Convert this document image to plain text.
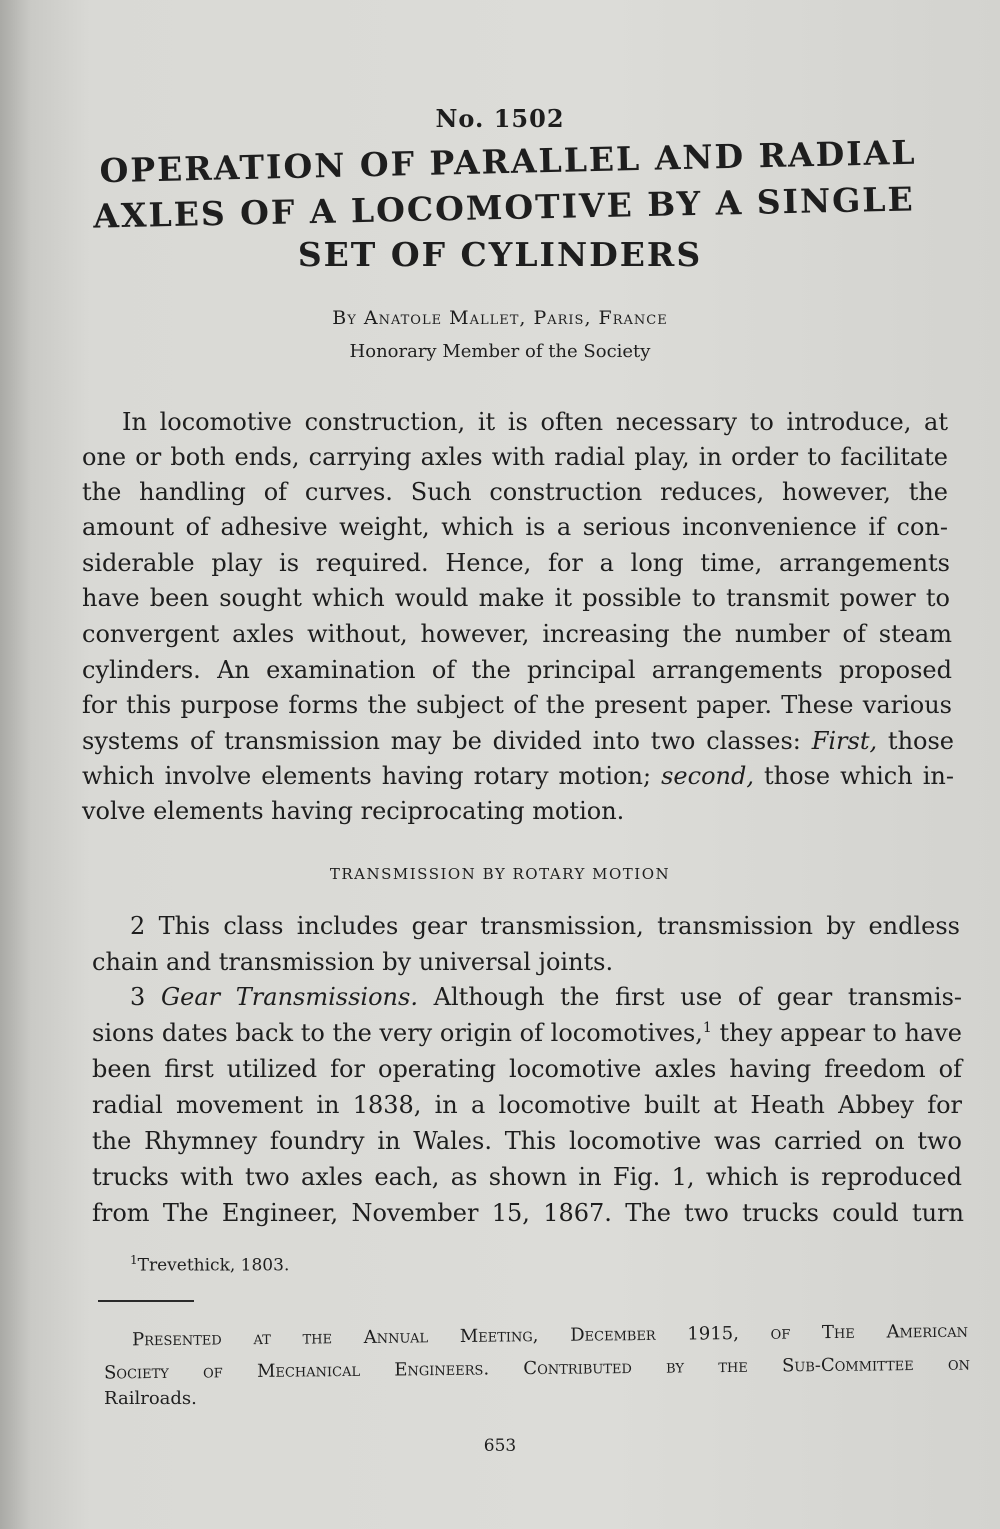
No. 1502
OPERATION OF PARALLEL AND RADIAL
AXLES OF A LOCOMOTIVE BY A SINGLE
SET OF CYLINDERS
By Anatole Mallet, Paris, France
Honorary Member of the Society
In locomotive construction, it is often necessary to introduce, at
one or both ends, carrying axles with radial play, in order to facilitate
the handling of curves. Such construction reduces, however, the
amount of adhesive weight, which is a serious inconvenience if con-
siderable play is required. Hence, for a long time, arrangements
have been sought which would make it possible to transmit power to
convergent axles without, however, increasing the number of steam
cylinders. An examination of the principal arrangements proposed
for this purpose forms the subject of the present paper. These various
systems of transmission may be divided into two classes: First, those
which involve elements having rotary motion; second, those which in-
volve elements having reciprocating motion.
TRANSMISSION BY ROTARY MOTION
2 This class includes gear transmission, transmission by endless
chain and transmission by universal joints.
3 Gear Transmissions. Although the first use of gear transmis-
sions dates back to the very origin of locomotives,$^1$ they appear to have
been first utilized for operating locomotive axles having freedom of
radial movement in 1838, in a locomotive built at Heath Abbey for
the Rhymney foundry in Wales. This locomotive was carried on two
trucks with two axles each, as shown in Fig. 1, which is reproduced
from The Engineer, November 15, 1867. The two trucks could turn
$^1$Trevethick, 1803.
Presented at the Annual Meeting, December 1915, of The American
Society of Mechanical Engineers. Contributed by the Sub-Committee on
Railroads.
653
